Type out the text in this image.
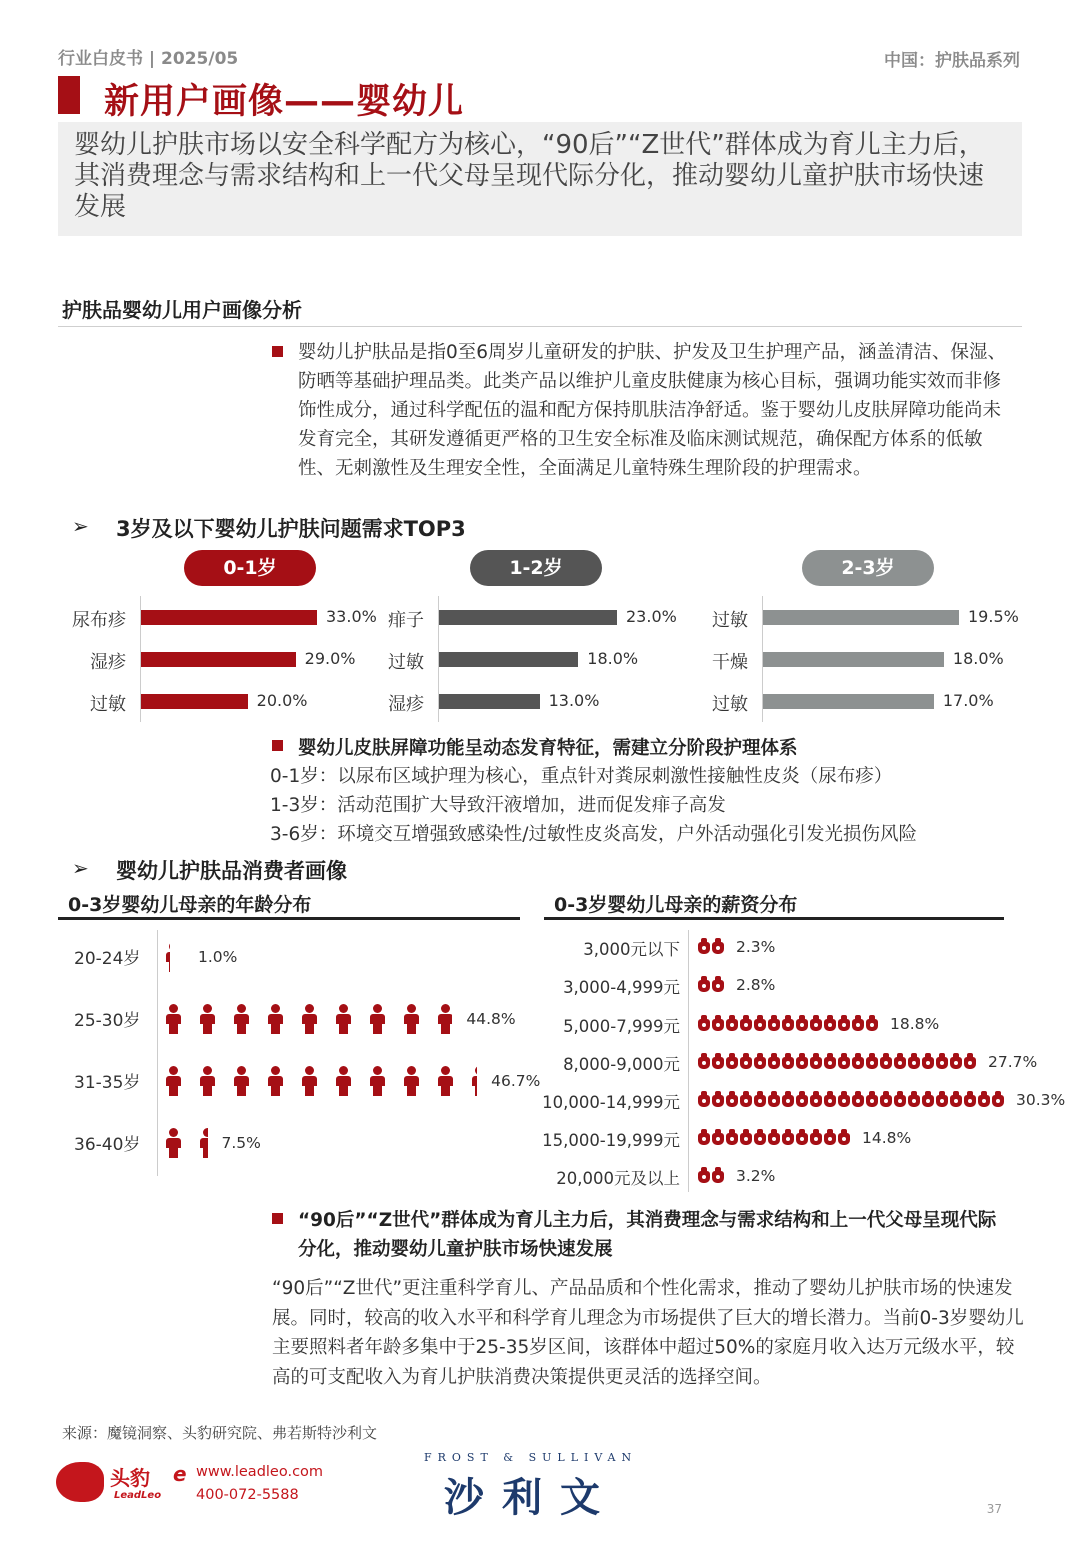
行业白皮书 | 2025/05	中国：护肤品系列
新用户画像——婴幼儿
婴幼儿护肤市场以安全科学配方为核心，“90后”“Z世代”群体成为育儿主力后，其消费理念与需求结构和上一代父母呈现代际分化，推动婴幼儿童护肤市场快速发展
护肤品婴幼儿用户画像分析
婴幼儿护肤品是指0至6周岁儿童研发的护肤、护发及卫生护理产品，涵盖清洁、保湿、防晒等基础护理品类。此类产品以维护儿童皮肤健康为核心目标，强调功能实效而非修饰性成分，通过科学配伍的温和配方保持肌肤洁净舒适。鉴于婴幼儿皮肤屏障功能尚未发育完全，其研发遵循更严格的卫生安全标准及临床测试规范，确保配方体系的低敏性、无刺激性及生理安全性，全面满足儿童特殊生理阶段的护理需求。
➢ 3岁及以下婴幼儿护肤问题需求TOP3
0-1岁
尿布疹	33.0%
湿疹	29.0%
过敏	20.0%
1-2岁
痱子	23.0%
过敏	18.0%
湿疹	13.0%
2-3岁
过敏	19.5%
干燥	18.0%
过敏	17.0%
婴幼儿皮肤屏障功能呈动态发育特征，需建立分阶段护理体系
0-1岁：以尿布区域护理为核心，重点针对粪尿刺激性接触性皮炎（尿布疹）
1-3岁：活动范围扩大导致汗液增加，进而促发痱子高发
3-6岁：环境交互增强致感染性/过敏性皮炎高发，户外活动强化引发光损伤风险
➢ 婴幼儿护肤品消费者画像
0-3岁婴幼儿母亲的年龄分布
20-24岁	1.0%
25-30岁	44.8%
31-35岁	46.7%
36-40岁	7.5%
0-3岁婴幼儿母亲的薪资分布
3,000元以下	2.3%
3,000-4,999元	2.8%
5,000-7,999元	18.8%
8,000-9,000元	27.7%
10,000-14,999元	30.3%
15,000-19,999元	14.8%
20,000元及以上	3.2%
“90后”“Z世代”群体成为育儿主力后，其消费理念与需求结构和上一代父母呈现代际分化，推动婴幼儿童护肤市场快速发展
“90后”“Z世代”更注重科学育儿、产品品质和个性化需求，推动了婴幼儿护肤市场的快速发展。同时，较高的收入水平和科学育儿理念为市场提供了巨大的增长潜力。当前0-3岁婴幼儿主要照料者年龄多集中于25-35岁区间，该群体中超过50%的家庭月收入达万元级水平，较高的可支配收入为育儿护肤消费决策提供更灵活的选择空间。
来源：魔镜洞察、头豹研究院、弗若斯特沙利文
头豹
LeadLeo
e www.leadleo.com
400-072-5588
FROST & SULLIVAN
沙利文	37
